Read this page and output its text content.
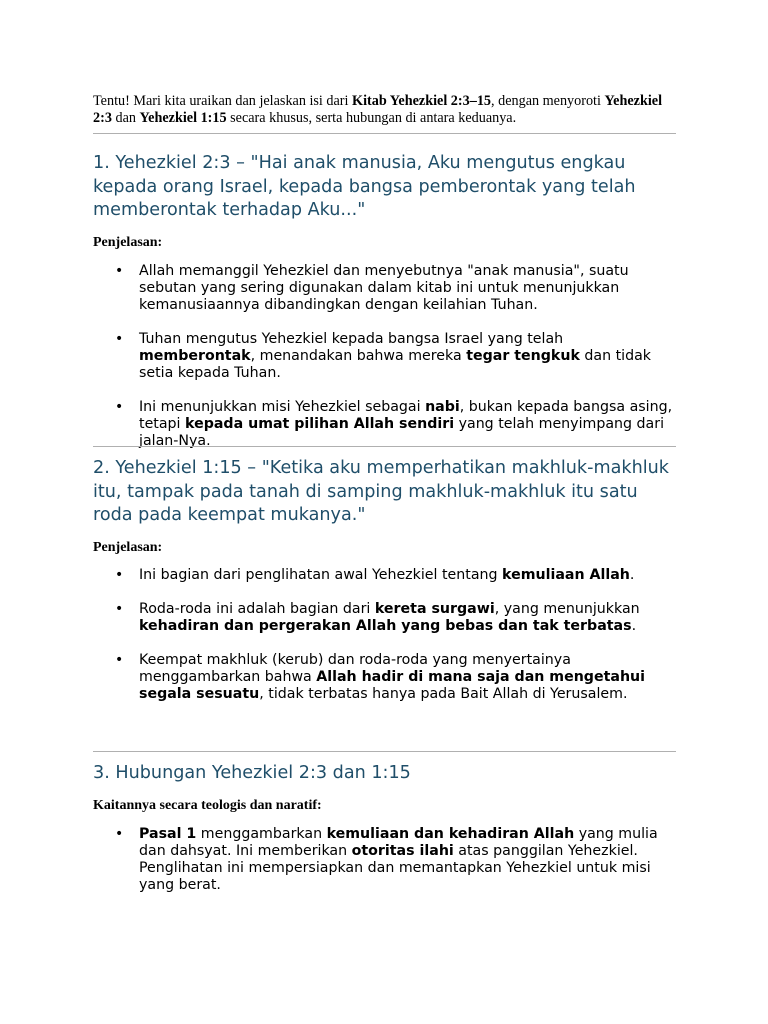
Tentu! Mari kita uraikan dan jelaskan isi dari Kitab Yehezkiel 2:3–15, dengan menyoroti Yehezkiel 2:3 dan Yehezkiel 1:15 secara khusus, serta hubungan di antara keduanya.

1. Yehezkiel 2:3 – "Hai anak manusia, Aku mengutus engkau kepada orang Israel, kepada bangsa pemberontak yang telah memberontak terhadap Aku..."

Penjelasan:

• Allah memanggil Yehezkiel dan menyebutnya "anak manusia", suatu sebutan yang sering digunakan dalam kitab ini untuk menunjukkan kemanusiaannya dibandingkan dengan keilahian Tuhan.
• Tuhan mengutus Yehezkiel kepada bangsa Israel yang telah memberontak, menandakan bahwa mereka tegar tengkuk dan tidak setia kepada Tuhan.
• Ini menunjukkan misi Yehezkiel sebagai nabi, bukan kepada bangsa asing, tetapi kepada umat pilihan Allah sendiri yang telah menyimpang dari jalan-Nya.
2. Yehezkiel 1:15 – "Ketika aku memperhatikan makhluk-makhluk itu, tampak pada tanah di samping makhluk-makhluk itu satu roda pada keempat mukanya."

Penjelasan:

• Ini bagian dari penglihatan awal Yehezkiel tentang kemuliaan Allah.
• Roda-roda ini adalah bagian dari kereta surgawi, yang menunjukkan kehadiran dan pergerakan Allah yang bebas dan tak terbatas.
• Keempat makhluk (kerub) dan roda-roda yang menyertainya menggambarkan bahwa Allah hadir di mana saja dan mengetahui segala sesuatu, tidak terbatas hanya pada Bait Allah di Yerusalem.
3. Hubungan Yehezkiel 2:3 dan 1:15

Kaitannya secara teologis dan naratif:

• Pasal 1 menggambarkan kemuliaan dan kehadiran Allah yang mulia dan dahsyat. Ini memberikan otoritas ilahi atas panggilan Yehezkiel. Penglihatan ini mempersiapkan dan memantapkan Yehezkiel untuk misi yang berat.
